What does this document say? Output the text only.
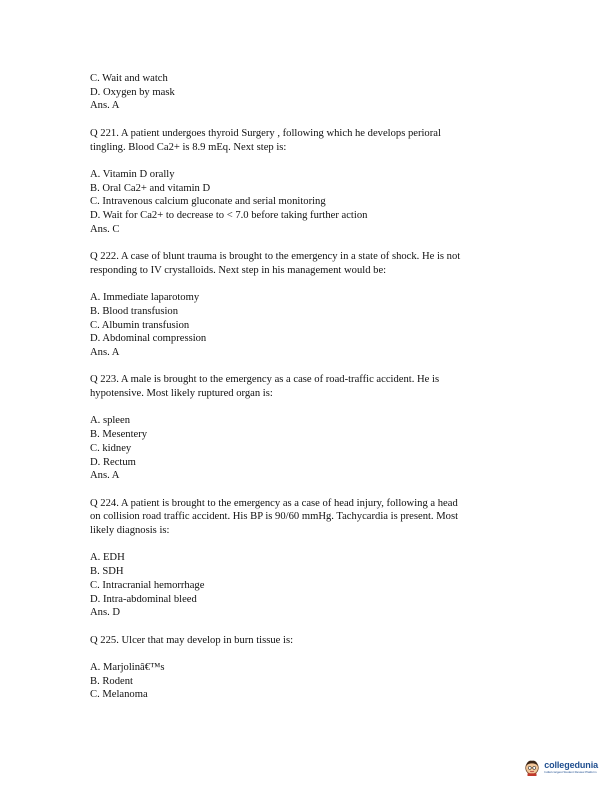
C. Wait and watch
D. Oxygen by mask
Ans. A
Q 221. A patient undergoes thyroid Surgery , following which he develops perioral
tingling. Blood Ca2+ is 8.9 mEq. Next step is:
A. Vitamin D orally
B. Oral Ca2+ and vitamin D
C. Intravenous calcium gluconate and serial monitoring
D. Wait for Ca2+ to decrease to < 7.0 before taking further action
Ans. C
Q 222. A case of blunt trauma is brought to the emergency in a state of shock. He is not
responding to IV crystalloids. Next step in his management would be:
A. Immediate laparotomy
B. Blood transfusion
C. Albumin transfusion
D. Abdominal compression
Ans. A
Q 223. A male is brought to the emergency as a case of road-traffic accident. He is
hypotensive. Most likely ruptured organ is:
A. spleen
B. Mesentery
C. kidney
D. Rectum
Ans. A
Q 224. A patient is brought to the emergency as a case of head injury, following a head
on collision road traffic accident. His BP is 90/60 mmHg. Tachycardia is present. Most
likely diagnosis is:
A. EDH
B. SDH
C. Intracranial hemorrhage
D. Intra-abdominal bleed
Ans. D
Q 225. Ulcer that may develop in burn tissue is:
A. Marjolinâ€™s
B. Rodent
C. Melanoma
collegedunia
India's largest Student Review Platform
